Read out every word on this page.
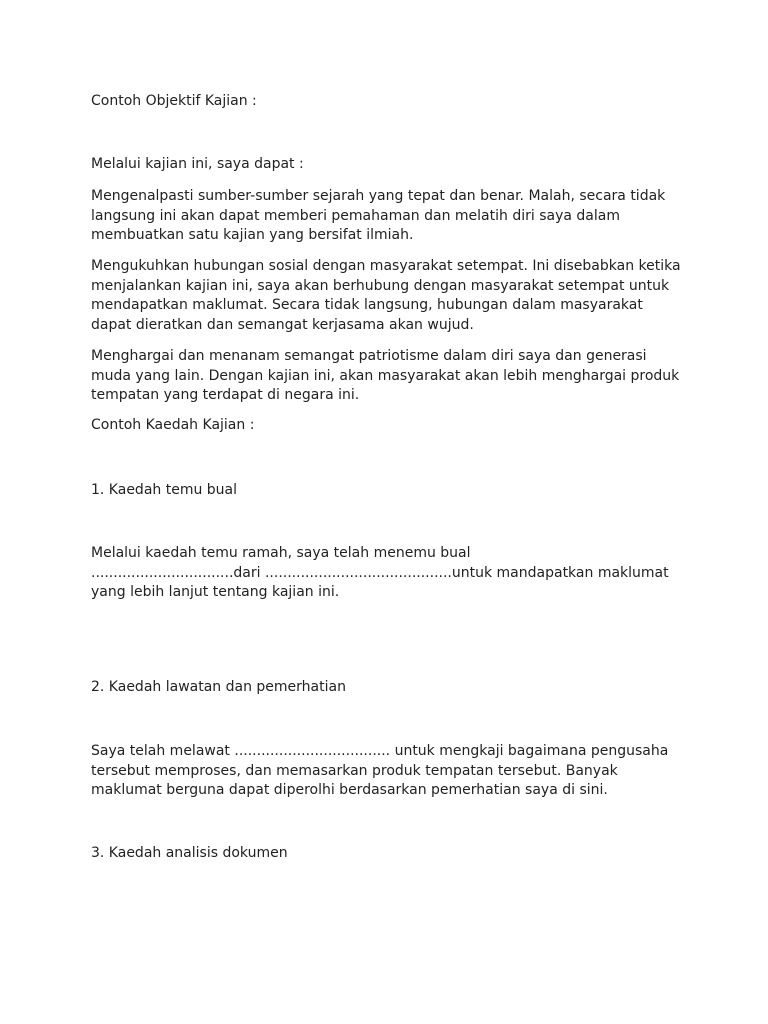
Contoh Objektif Kajian :

Melalui kajian ini, saya dapat :

Mengenalpasti sumber-sumber sejarah yang tepat dan benar. Malah, secara tidak
langsung ini akan dapat memberi pemahaman dan melatih diri saya dalam
membuatkan satu kajian yang bersifat ilmiah.

Mengukuhkan hubungan sosial dengan masyarakat setempat. Ini disebabkan ketika
menjalankan kajian ini, saya akan berhubung dengan masyarakat setempat untuk
mendapatkan maklumat. Secara tidak langsung, hubungan dalam masyarakat
dapat dieratkan dan semangat kerjasama akan wujud.

Menghargai dan menanam semangat patriotisme dalam diri saya dan generasi
muda yang lain. Dengan kajian ini, akan masyarakat akan lebih menghargai produk
tempatan yang terdapat di negara ini.

Contoh Kaedah Kajian :

1. Kaedah temu bual

Melalui kaedah temu ramah, saya telah menemu bual
................................dari ..........................................untuk mandapatkan maklumat
yang lebih lanjut tentang kajian ini.

2. Kaedah lawatan dan pemerhatian

Saya telah melawat ................................... untuk mengkaji bagaimana pengusaha
tersebut memproses, dan memasarkan produk tempatan tersebut. Banyak
maklumat berguna dapat diperolhi berdasarkan pemerhatian saya di sini.

3. Kaedah analisis dokumen
